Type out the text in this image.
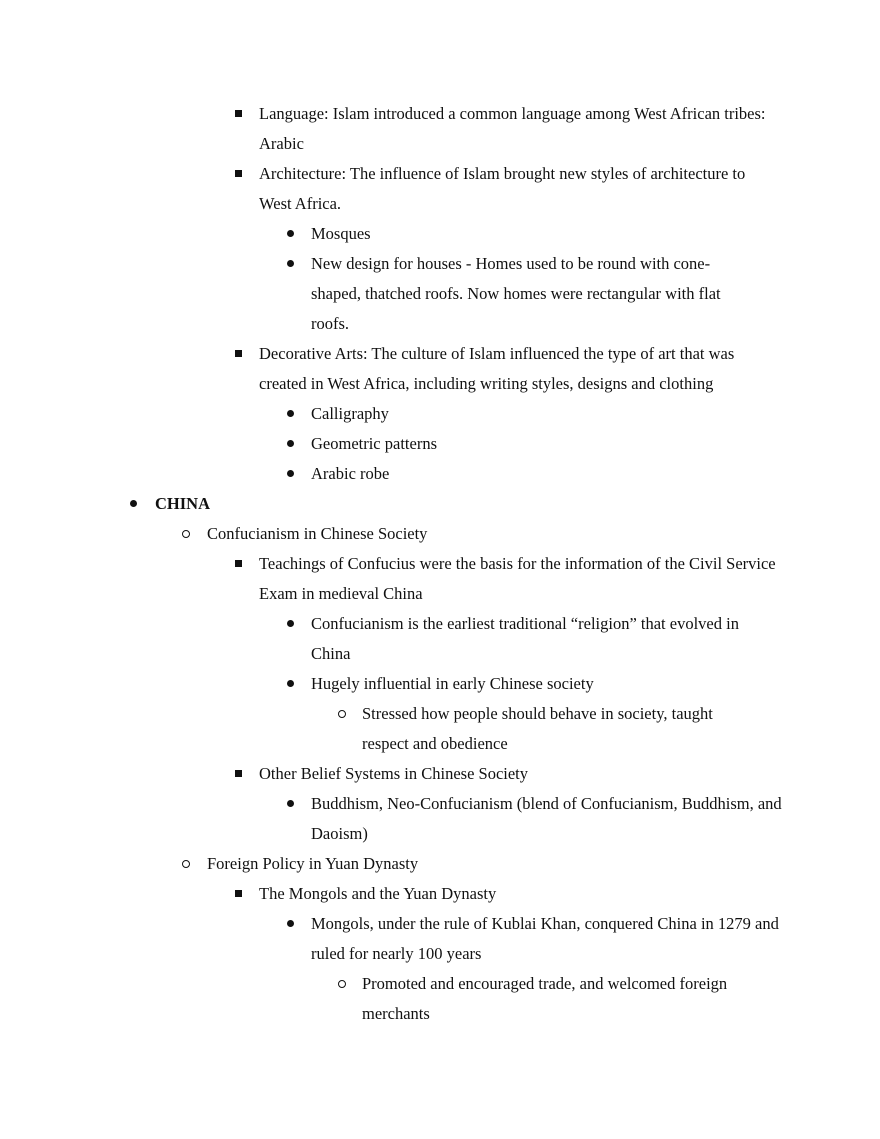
Language: Islam introduced a common language among West African tribes: Arabic
Architecture: The influence of Islam brought new styles of architecture to West Africa.
Mosques
New design for houses - Homes used to be round with cone-shaped, thatched roofs. Now homes were rectangular with flat roofs.
Decorative Arts: The culture of Islam influenced the type of art that was created in West Africa, including writing styles, designs and clothing
Calligraphy
Geometric patterns
Arabic robe
CHINA
Confucianism in Chinese Society
Teachings of Confucius were the basis for the information of the Civil Service Exam in medieval China
Confucianism is the earliest traditional “religion” that evolved in China
Hugely influential in early Chinese society
Stressed how people should behave in society, taught respect and obedience
Other Belief Systems in Chinese Society
Buddhism, Neo-Confucianism (blend of Confucianism, Buddhism, and Daoism)
Foreign Policy in Yuan Dynasty
The Mongols and the Yuan Dynasty
Mongols, under the rule of Kublai Khan, conquered China in 1279 and ruled for nearly 100 years
Promoted and encouraged trade, and welcomed foreign merchants
